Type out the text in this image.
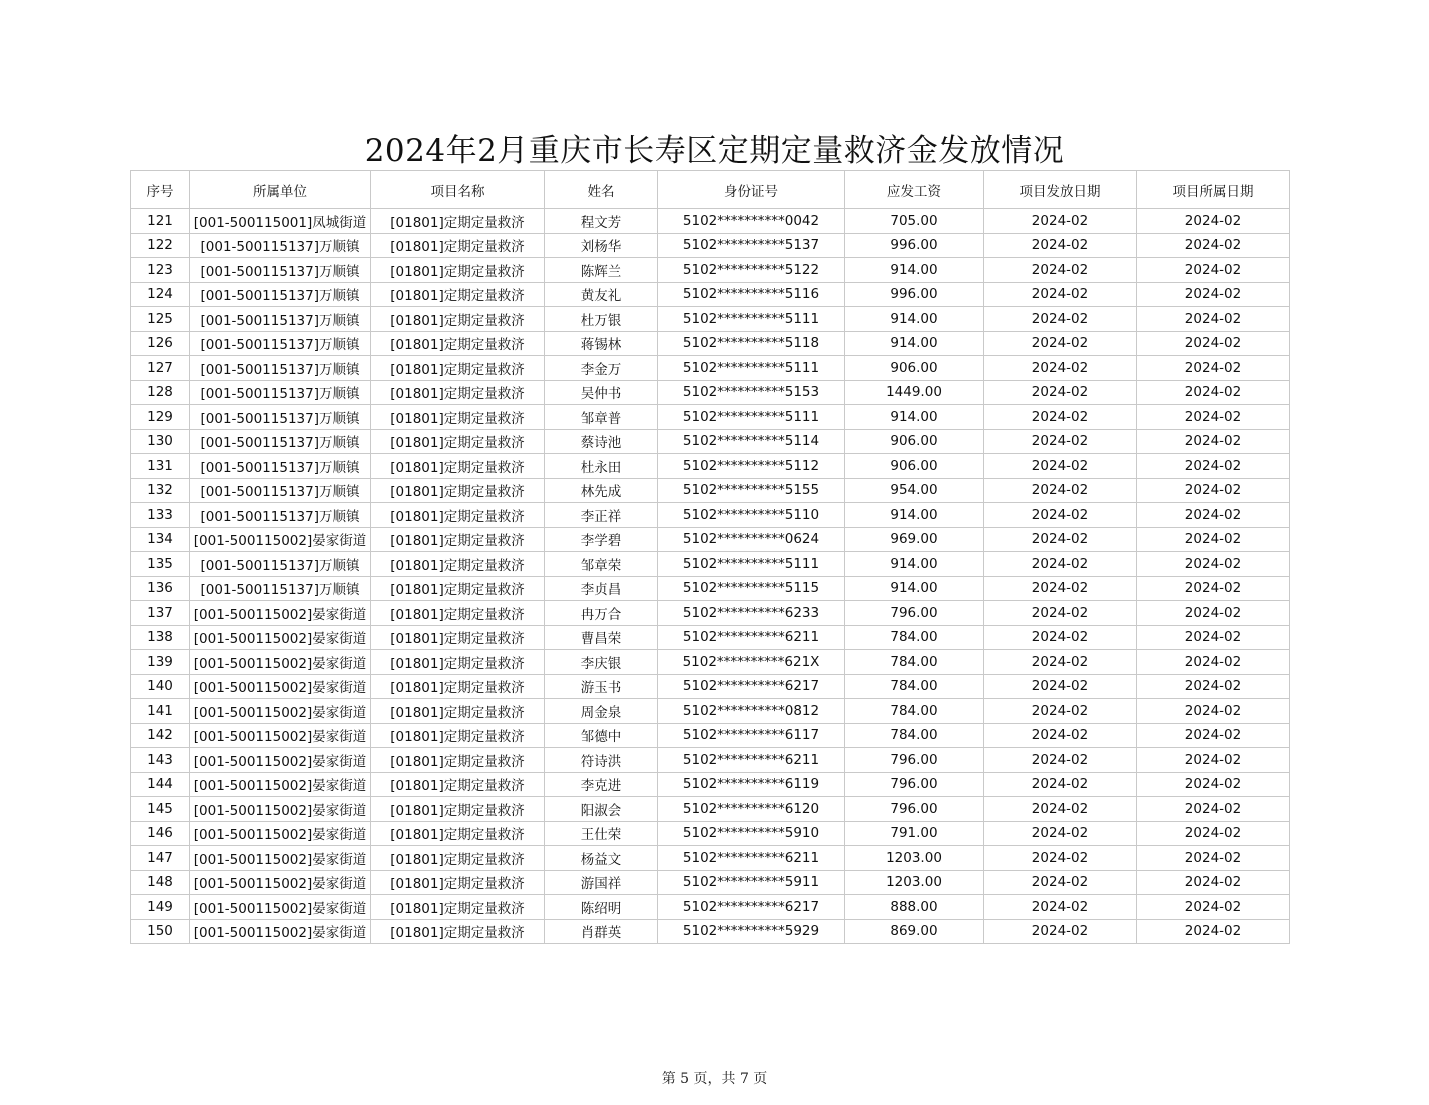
2024年2月重庆市长寿区定期定量救济金发放情况
序号	所属单位	项目名称	姓名	身份证号	应发工资	项目发放日期	项目所属日期
121	[001-500115001]凤城街道	[01801]定期定量救济	程文芳	5102**********0042	705.00	2024-02	2024-02
122	[001-500115137]万顺镇	[01801]定期定量救济	刘杨华	5102**********5137	996.00	2024-02	2024-02
123	[001-500115137]万顺镇	[01801]定期定量救济	陈辉兰	5102**********5122	914.00	2024-02	2024-02
124	[001-500115137]万顺镇	[01801]定期定量救济	黄友礼	5102**********5116	996.00	2024-02	2024-02
125	[001-500115137]万顺镇	[01801]定期定量救济	杜万银	5102**********5111	914.00	2024-02	2024-02
126	[001-500115137]万顺镇	[01801]定期定量救济	蒋锡林	5102**********5118	914.00	2024-02	2024-02
127	[001-500115137]万顺镇	[01801]定期定量救济	李金万	5102**********5111	906.00	2024-02	2024-02
128	[001-500115137]万顺镇	[01801]定期定量救济	吴仲书	5102**********5153	1449.00	2024-02	2024-02
129	[001-500115137]万顺镇	[01801]定期定量救济	邹章普	5102**********5111	914.00	2024-02	2024-02
130	[001-500115137]万顺镇	[01801]定期定量救济	蔡诗池	5102**********5114	906.00	2024-02	2024-02
131	[001-500115137]万顺镇	[01801]定期定量救济	杜永田	5102**********5112	906.00	2024-02	2024-02
132	[001-500115137]万顺镇	[01801]定期定量救济	林先成	5102**********5155	954.00	2024-02	2024-02
133	[001-500115137]万顺镇	[01801]定期定量救济	李正祥	5102**********5110	914.00	2024-02	2024-02
134	[001-500115002]晏家街道	[01801]定期定量救济	李学碧	5102**********0624	969.00	2024-02	2024-02
135	[001-500115137]万顺镇	[01801]定期定量救济	邹章荣	5102**********5111	914.00	2024-02	2024-02
136	[001-500115137]万顺镇	[01801]定期定量救济	李贞昌	5102**********5115	914.00	2024-02	2024-02
137	[001-500115002]晏家街道	[01801]定期定量救济	冉万合	5102**********6233	796.00	2024-02	2024-02
138	[001-500115002]晏家街道	[01801]定期定量救济	曹昌荣	5102**********6211	784.00	2024-02	2024-02
139	[001-500115002]晏家街道	[01801]定期定量救济	李庆银	5102**********621X	784.00	2024-02	2024-02
140	[001-500115002]晏家街道	[01801]定期定量救济	游玉书	5102**********6217	784.00	2024-02	2024-02
141	[001-500115002]晏家街道	[01801]定期定量救济	周金泉	5102**********0812	784.00	2024-02	2024-02
142	[001-500115002]晏家街道	[01801]定期定量救济	邹德中	5102**********6117	784.00	2024-02	2024-02
143	[001-500115002]晏家街道	[01801]定期定量救济	符诗洪	5102**********6211	796.00	2024-02	2024-02
144	[001-500115002]晏家街道	[01801]定期定量救济	李克进	5102**********6119	796.00	2024-02	2024-02
145	[001-500115002]晏家街道	[01801]定期定量救济	阳淑会	5102**********6120	796.00	2024-02	2024-02
146	[001-500115002]晏家街道	[01801]定期定量救济	王仕荣	5102**********5910	791.00	2024-02	2024-02
147	[001-500115002]晏家街道	[01801]定期定量救济	杨益文	5102**********6211	1203.00	2024-02	2024-02
148	[001-500115002]晏家街道	[01801]定期定量救济	游国祥	5102**********5911	1203.00	2024-02	2024-02
149	[001-500115002]晏家街道	[01801]定期定量救济	陈绍明	5102**********6217	888.00	2024-02	2024-02
150	[001-500115002]晏家街道	[01801]定期定量救济	肖群英	5102**********5929	869.00	2024-02	2024-02
第 5 页，共 7 页
